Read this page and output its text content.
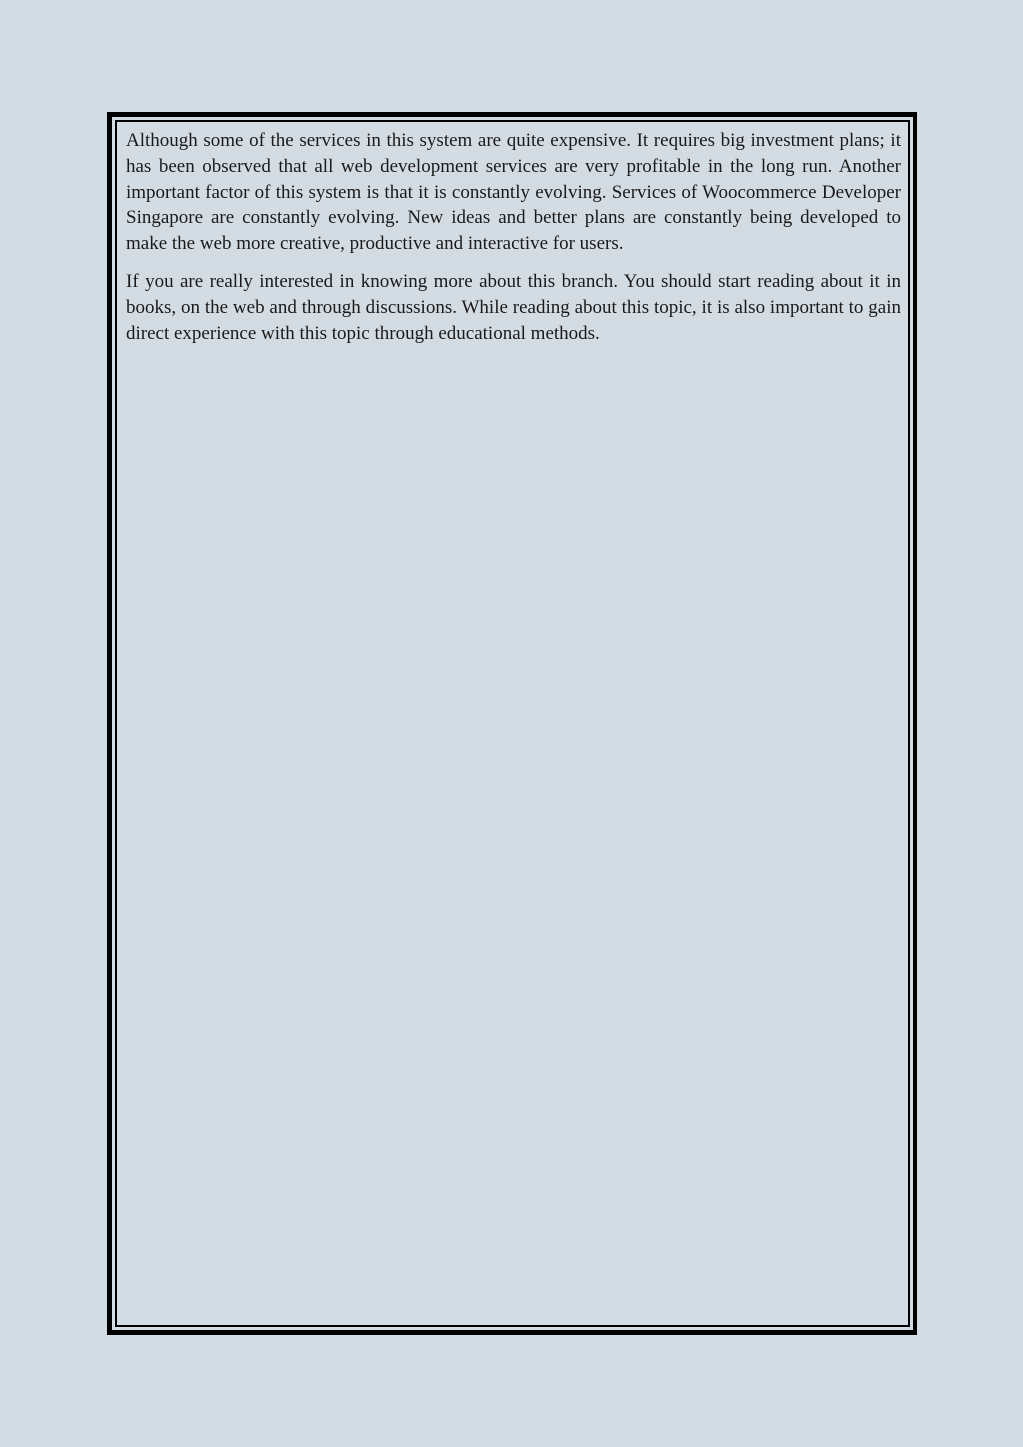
Although some of the services in this system are quite expensive. It requires big investment plans; it has been observed that all web development services are very profitable in the long run. Another important factor of this system is that it is constantly evolving. Services of Woocommerce Developer Singapore are constantly evolving. New ideas and better plans are constantly being developed to make the web more creative, productive and interactive for users.

If you are really interested in knowing more about this branch. You should start reading about it in books, on the web and through discussions. While reading about this topic, it is also important to gain direct experience with this topic through educational methods.
